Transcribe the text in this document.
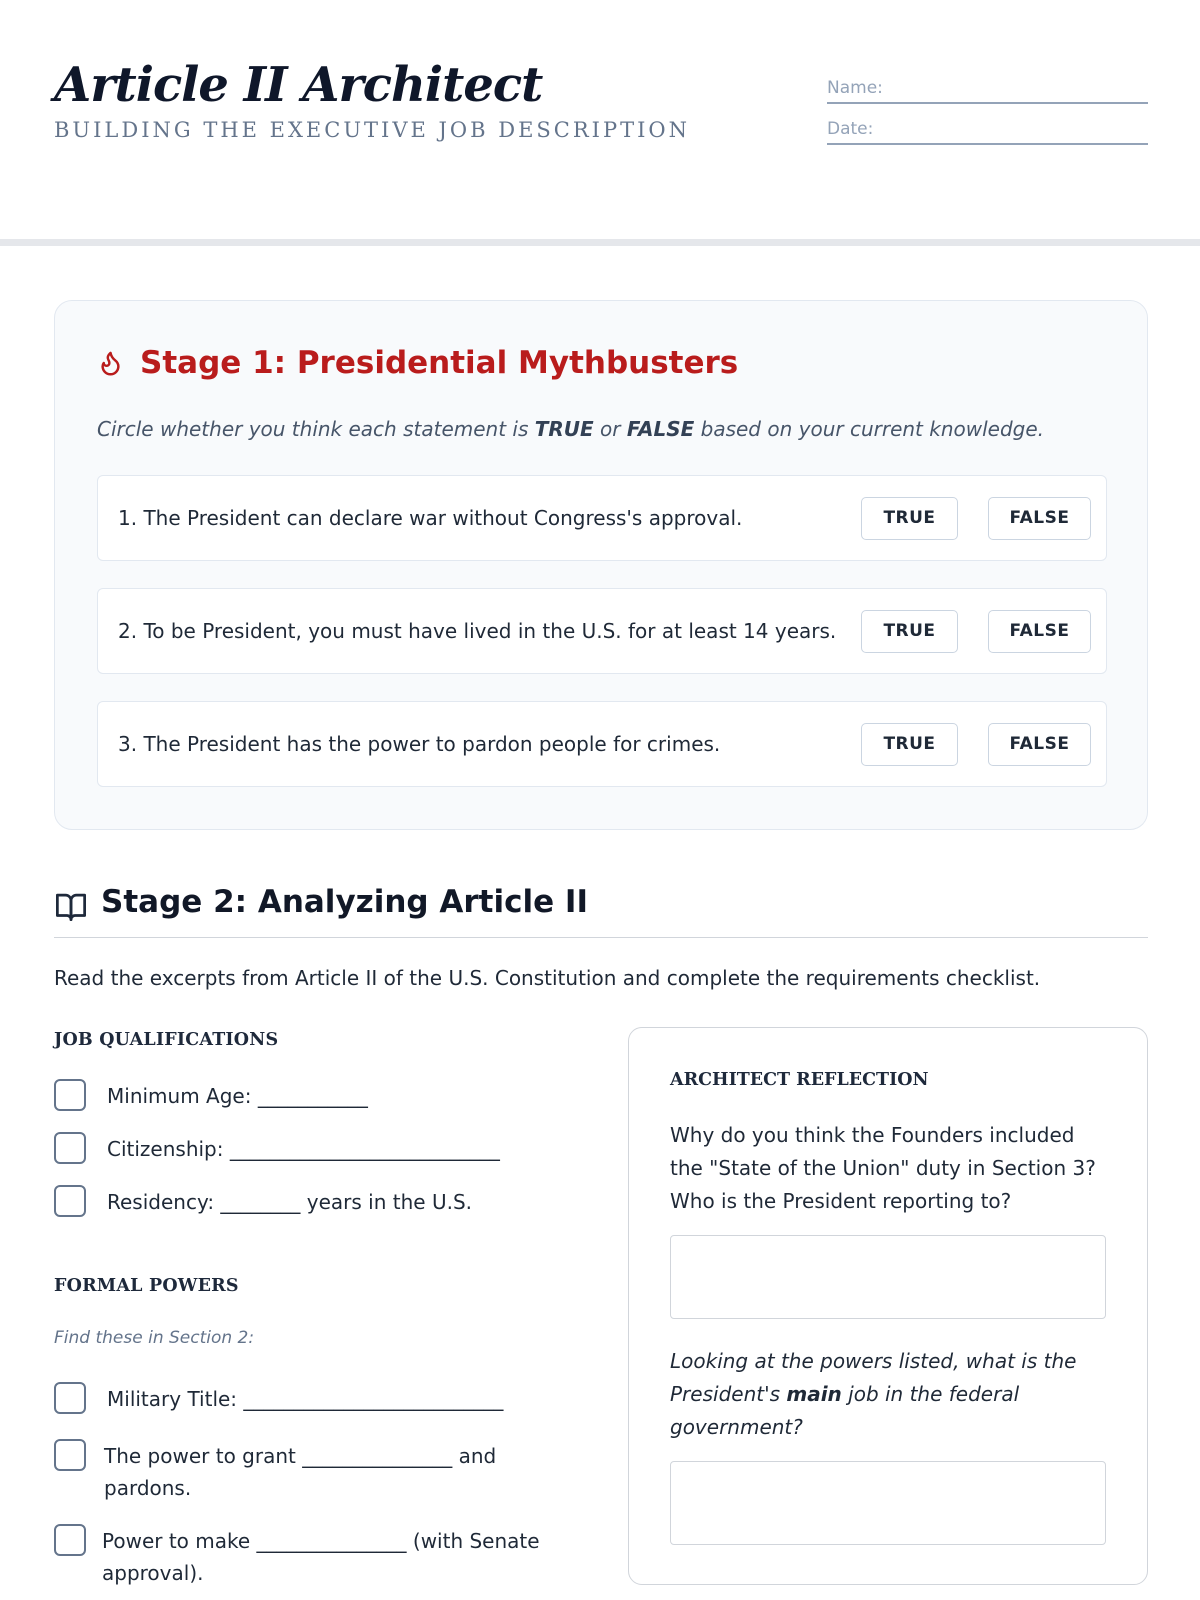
Article II Architect
BUILDING THE EXECUTIVE JOB DESCRIPTION
Name:
Date:
Stage 1: Presidential Mythbusters
Circle whether you think each statement is TRUE or FALSE based on your current knowledge.
1. The President can declare war without Congress's approval.	TRUE	FALSE
2. To be President, you must have lived in the U.S. for at least 14 years.	TRUE	FALSE
3. The President has the power to pardon people for crimes.	TRUE	FALSE
Stage 2: Analyzing Article II
Read the excerpts from Article II of the U.S. Constitution and complete the requirements checklist.
JOB QUALIFICATIONS
Minimum Age: ___________
Citizenship: ___________________________
Residency: ________ years in the U.S.
FORMAL POWERS
Find these in Section 2:
Military Title: __________________________
The power to grant _______________ and pardons.
Power to make _______________ (with Senate approval).
ARCHITECT REFLECTION
Why do you think the Founders included the "State of the Union" duty in Section 3? Who is the President reporting to?
Looking at the powers listed, what is the President's main job in the federal government?
